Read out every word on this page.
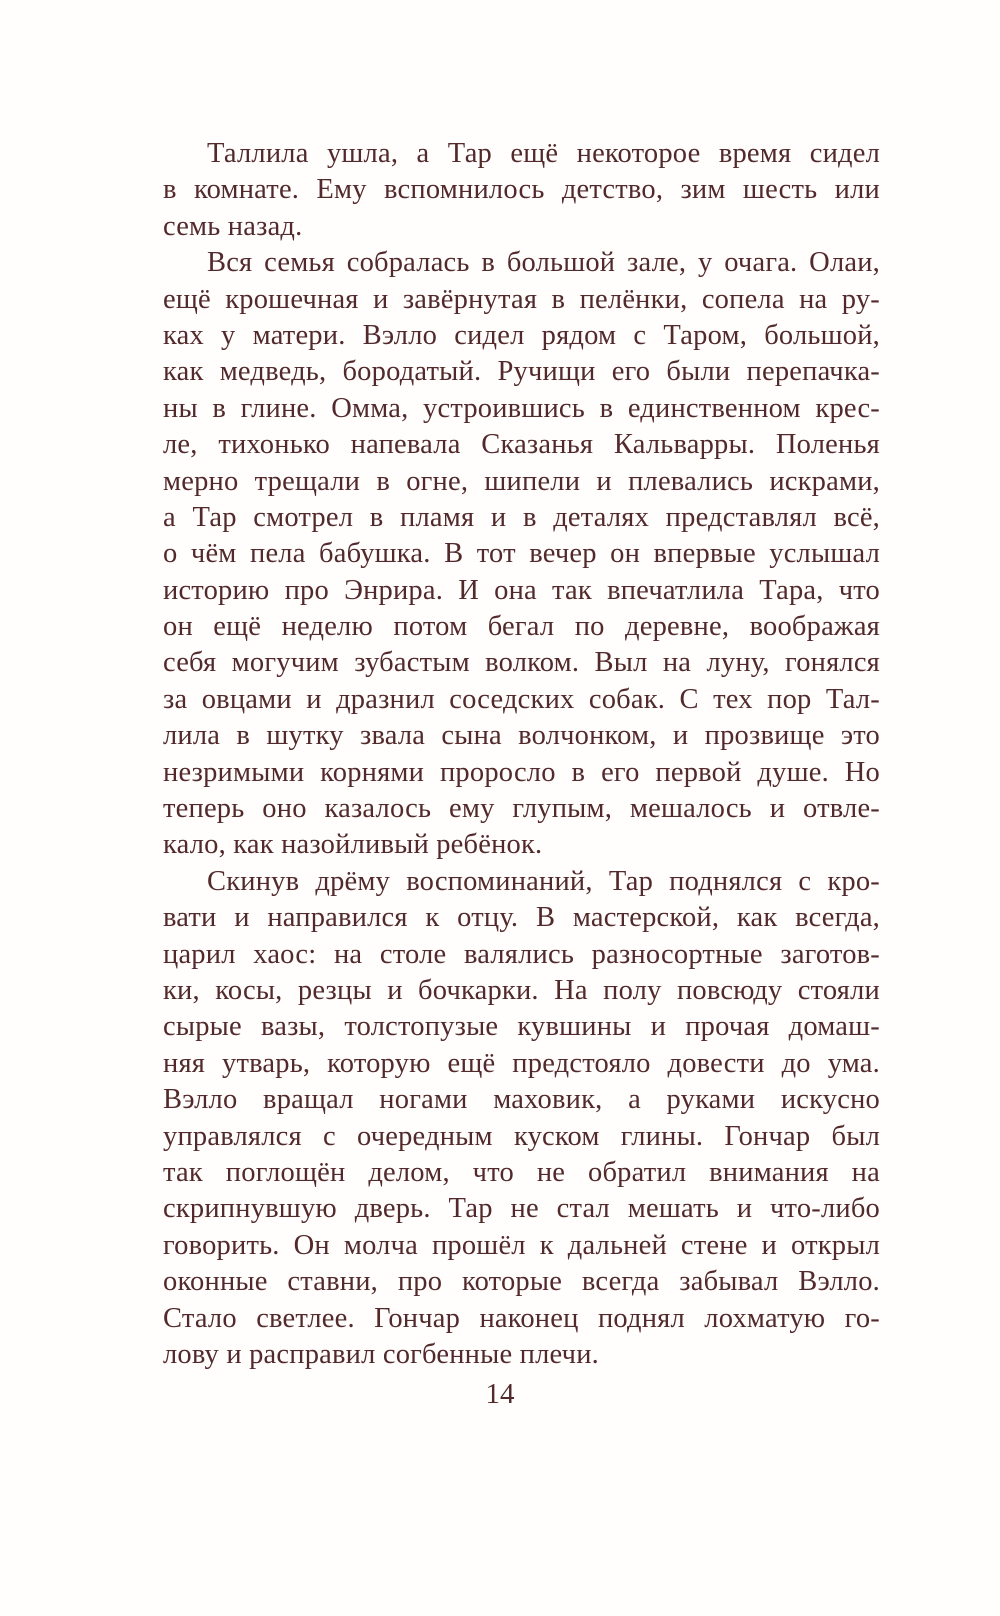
Таллила ушла, а Тар ещё некоторое время сидел
в комнате. Ему вспомнилось детство, зим шесть или
семь назад.

Вся семья собралась в большой зале, у очага. Олаи,
ещё крошечная и завёрнутая в пелёнки, сопела на ру-
ках у матери. Вэлло сидел рядом с Таром, большой,
как медведь, бородатый. Ручищи его были перепачка-
ны в глине. Омма, устроившись в единственном крес-
ле, тихонько напевала Сказанья Кальварры. Поленья
мерно трещали в огне, шипели и плевались искрами,
а Тар смотрел в пламя и в деталях представлял всё,
о чём пела бабушка. В тот вечер он впервые услышал
историю про Энрира. И она так впечатлила Тара, что
он ещё неделю потом бегал по деревне, воображая
себя могучим зубастым волком. Выл на луну, гонялся
за овцами и дразнил соседских собак. С тех пор Тал-
лила в шутку звала сына волчонком, и прозвище это
незримыми корнями проросло в его первой душе. Но
теперь оно казалось ему глупым, мешалось и отвле-
кало, как назойливый ребёнок.

Скинув дрёму воспоминаний, Тар поднялся с кро-
вати и направился к отцу. В мастерской, как всегда,
царил хаос: на столе валялись разносортные заготов-
ки, косы, резцы и бочкарки. На полу повсюду стояли
сырые вазы, толстопузые кувшины и прочая домаш-
няя утварь, которую ещё предстояло довести до ума.
Вэлло вращал ногами маховик, а руками искусно
управлялся с очередным куском глины. Гончар был
так поглощён делом, что не обратил внимания на
скрипнувшую дверь. Тар не стал мешать и что-либо
говорить. Он молча прошёл к дальней стене и открыл
оконные ставни, про которые всегда забывал Вэлло.
Стало светлее. Гончар наконец поднял лохматую го-
лову и расправил согбенные плечи.

14
